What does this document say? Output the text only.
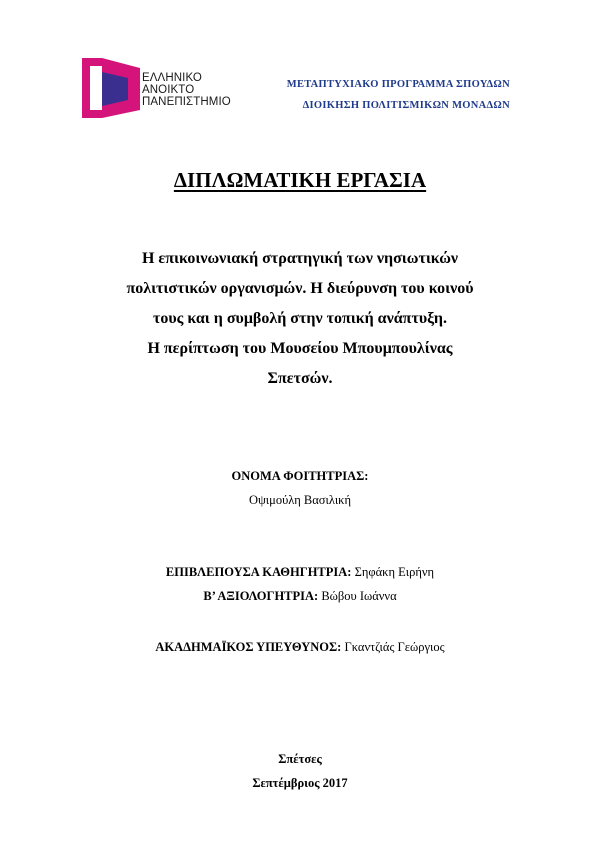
ΕΛΛΗΝΙΚΟ
ΑΝΟΙΚΤΟ
ΠΑΝΕΠΙΣΤΗΜΙΟ
ΜΕΤΑΠΤΥΧΙΑΚΟ ΠΡΟΓΡΑΜΜΑ ΣΠΟΥΔΩΝ
ΔΙΟΙΚΗΣΗ ΠΟΛΙΤΙΣΜΙΚΩΝ ΜΟΝΑΔΩΝ
ΔΙΠΛΩΜΑΤΙΚΗ ΕΡΓΑΣΙΑ
Η επικοινωνιακή στρατηγική των νησιωτικών
πολιτιστικών οργανισμών. Η διεύρυνση του κοινού
τους και η συμβολή στην τοπική ανάπτυξη.
Η περίπτωση του Μουσείου Μπουμπουλίνας
Σπετσών.
ΟΝΟΜΑ ΦΟΙΤΗΤΡΙΑΣ:
Οψιμούλη Βασιλική
ΕΠΙΒΛΕΠΟΥΣΑ ΚΑΘΗΓΗΤΡΙΑ: Σηφάκη Ειρήνη
Β’ ΑΞΙΟΛΟΓΗΤΡΙΑ: Βώβου Ιωάννα
ΑΚΑΔΗΜΑΪΚΟΣ ΥΠΕΥΘΥΝΟΣ: Γκαντζιάς Γεώργιος
Σπέτσες
Σεπτέμβριος 2017
